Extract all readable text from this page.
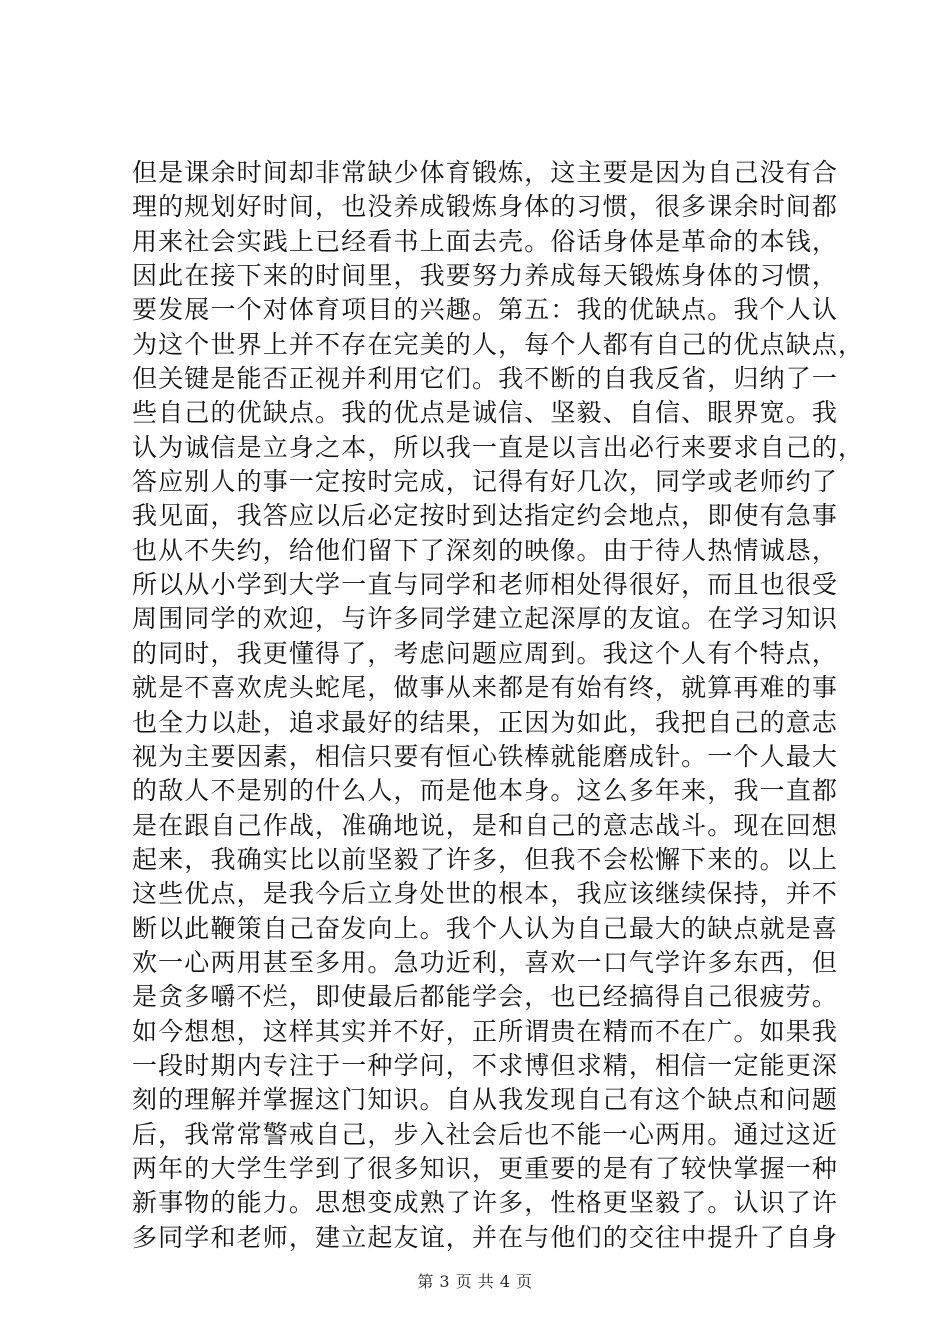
但是课余时间却非常缺少体育锻炼，这主要是因为自己没有合
理的规划好时间，也没养成锻炼身体的习惯，很多课余时间都
用来社会实践上已经看书上面去壳。俗话身体是革命的本钱，
因此在接下来的时间里，我要努力养成每天锻炼身体的习惯，
要发展一个对体育项目的兴趣。第五：我的优缺点。我个人认
为这个世界上并不存在完美的人，每个人都有自己的优点缺点，
但关键是能否正视并利用它们。我不断的自我反省，归纳了一
些自己的优缺点。我的优点是诚信、坚毅、自信、眼界宽。我
认为诚信是立身之本，所以我一直是以言出必行来要求自己的，
答应别人的事一定按时完成，记得有好几次，同学或老师约了
我见面，我答应以后必定按时到达指定约会地点，即使有急事
也从不失约，给他们留下了深刻的映像。由于待人热情诚恳，
所以从小学到大学一直与同学和老师相处得很好，而且也很受
周围同学的欢迎，与许多同学建立起深厚的友谊。在学习知识
的同时，我更懂得了，考虑问题应周到。我这个人有个特点，
就是不喜欢虎头蛇尾，做事从来都是有始有终，就算再难的事
也全力以赴，追求最好的结果，正因为如此，我把自己的意志
视为主要因素，相信只要有恒心铁棒就能磨成针。一个人最大
的敌人不是别的什么人，而是他本身。这么多年来，我一直都
是在跟自己作战，准确地说，是和自己的意志战斗。现在回想
起来，我确实比以前坚毅了许多，但我不会松懈下来的。以上
这些优点，是我今后立身处世的根本，我应该继续保持，并不
断以此鞭策自己奋发向上。我个人认为自己最大的缺点就是喜
欢一心两用甚至多用。急功近利，喜欢一口气学许多东西，但
是贪多嚼不烂，即使最后都能学会，也已经搞得自己很疲劳。
如今想想，这样其实并不好，正所谓贵在精而不在广。如果我
一段时期内专注于一种学问，不求博但求精，相信一定能更深
刻的理解并掌握这门知识。自从我发现自己有这个缺点和问题
后，我常常警戒自己，步入社会后也不能一心两用。通过这近
两年的大学生学到了很多知识，更重要的是有了较快掌握一种
新事物的能力。思想变成熟了许多，性格更坚毅了。认识了许
多同学和老师，建立起友谊，并在与他们的交往中提升了自身
第 3 页 共 4 页
